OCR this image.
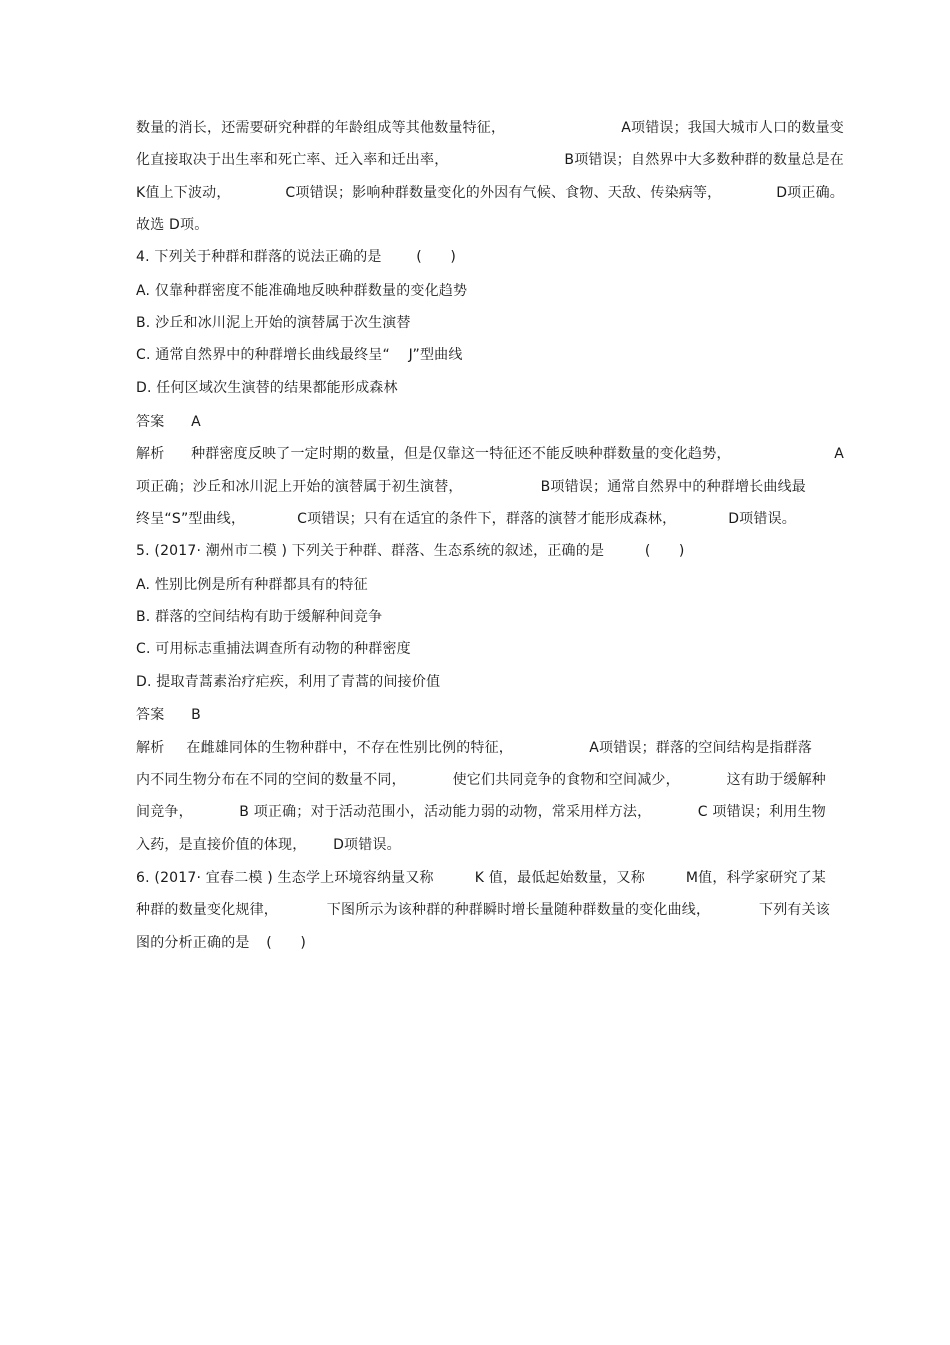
数量的消长，还需要研究种群的年龄组成等其他数量特征，	A项错误；我国大城市人口的数量变
化直接取决于出生率和死亡率、迁入率和迁出率，	B项错误；自然界中大多数种群的数量总是在
K值上下波动，	C项错误；影响种群数量变化的外因有气候、食物、天敌、传染病等，	D项正确。
故选 D项。
4. 下列关于种群和群落的说法正确的是 (　　)
A. 仅靠种群密度不能准确地反映种群数量的变化趋势
B. 沙丘和冰川泥上开始的演替属于次生演替
C. 通常自然界中的种群增长曲线最终呈“ J”型曲线
D. 任何区域次生演替的结果都能形成森林
答案 A
解析 种群密度反映了一定时期的数量，但是仅靠这一特征还不能反映种群数量的变化趋势，	A
项正确；沙丘和冰川泥上开始的演替属于初生演替，	B项错误；通常自然界中的种群增长曲线最
终呈“S”型曲线，	C项错误；只有在适宜的条件下，群落的演替才能形成森林，	D项错误。
5. (2017· 潮州市二模 ) 下列关于种群、群落、生态系统的叙述，正确的是	(　　)
A. 性别比例是所有种群都具有的特征
B. 群落的空间结构有助于缓解种间竞争
C. 可用标志重捕法调查所有动物的种群密度
D. 提取青蒿素治疗疟疾，利用了青蒿的间接价值
答案 B
解析 在雌雄同体的生物种群中，不存在性别比例的特征，	A项错误；群落的空间结构是指群落
内不同生物分布在不同的空间的数量不同，	使它们共同竞争的食物和空间减少，	这有助于缓解种
间竞争，	B 项正确；对于活动范围小，活动能力弱的动物，常采用样方法，	C 项错误；利用生物
入药，是直接价值的体现， D项错误。
6. (2017· 宜春二模 ) 生态学上环境容纳量又称	K 值，最低起始数量，又称	M值，科学家研究了某
种群的数量变化规律，	下图所示为该种群的种群瞬时增长量随种群数量的变化曲线，	下列有关该
图的分析正确的是 (　　)
